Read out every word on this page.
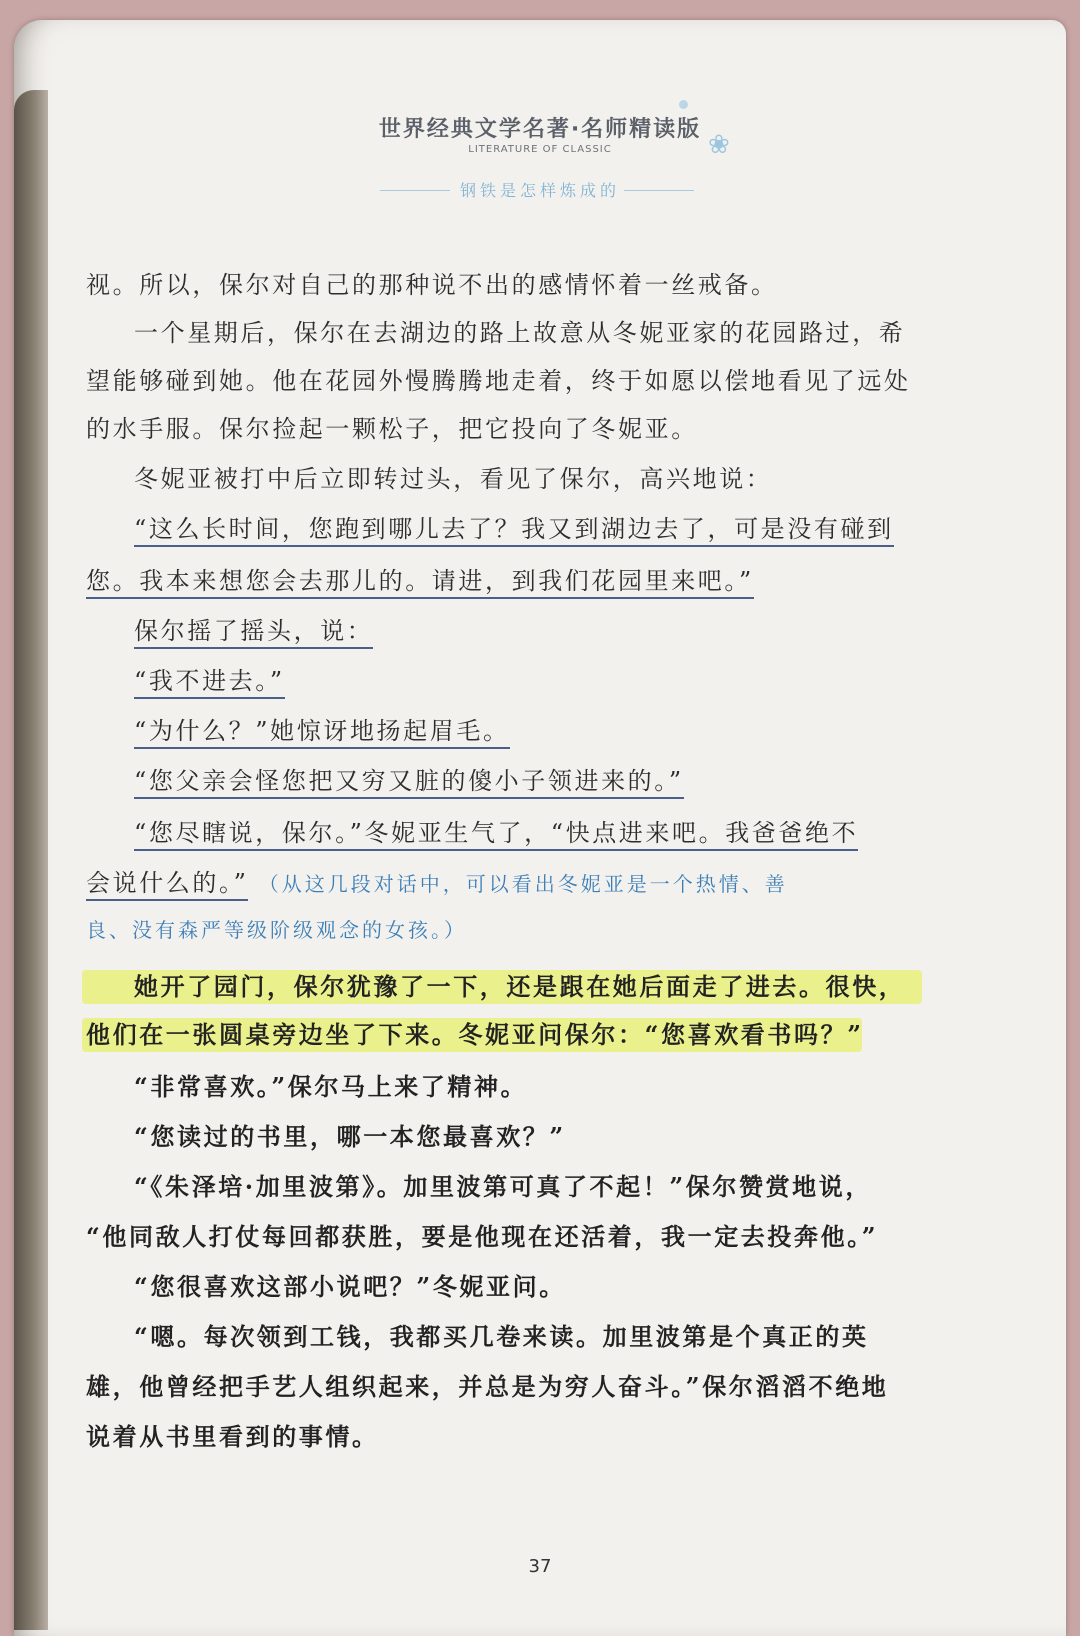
❀
世界经典文学名著·名师精读版
LITERATURE OF CLASSIC
钢铁是怎样炼成的
视。所以，保尔对自己的那种说不出的感情怀着一丝戒备。
一个星期后，保尔在去湖边的路上故意从冬妮亚家的花园路过，希
望能够碰到她。他在花园外慢腾腾地走着，终于如愿以偿地看见了远处
的水手服。保尔捡起一颗松子，把它投向了冬妮亚。
冬妮亚被打中后立即转过头，看见了保尔，高兴地说：
“这么长时间，您跑到哪儿去了？我又到湖边去了，可是没有碰到
您。我本来想您会去那儿的。请进，到我们花园里来吧。”
保尔摇了摇头，说：
“我不进去。”
“为什么？”她惊讶地扬起眉毛。
“您父亲会怪您把又穷又脏的傻小子领进来的。”
“您尽瞎说，保尔。”冬妮亚生气了，“快点进来吧。我爸爸绝不
会说什么的。” （从这几段对话中，可以看出冬妮亚是一个热情、善
良、没有森严等级阶级观念的女孩。）
她开了园门，保尔犹豫了一下，还是跟在她后面走了进去。很快，
他们在一张圆桌旁边坐了下来。冬妮亚问保尔：“您喜欢看书吗？”
“非常喜欢。”保尔马上来了精神。
“您读过的书里，哪一本您最喜欢？”
“《朱泽培·加里波第》。加里波第可真了不起！”保尔赞赏地说，
“他同敌人打仗每回都获胜，要是他现在还活着，我一定去投奔他。”
“您很喜欢这部小说吧？”冬妮亚问。
“嗯。每次领到工钱，我都买几卷来读。加里波第是个真正的英
雄，他曾经把手艺人组织起来，并总是为穷人奋斗。”保尔滔滔不绝地
说着从书里看到的事情。
37
